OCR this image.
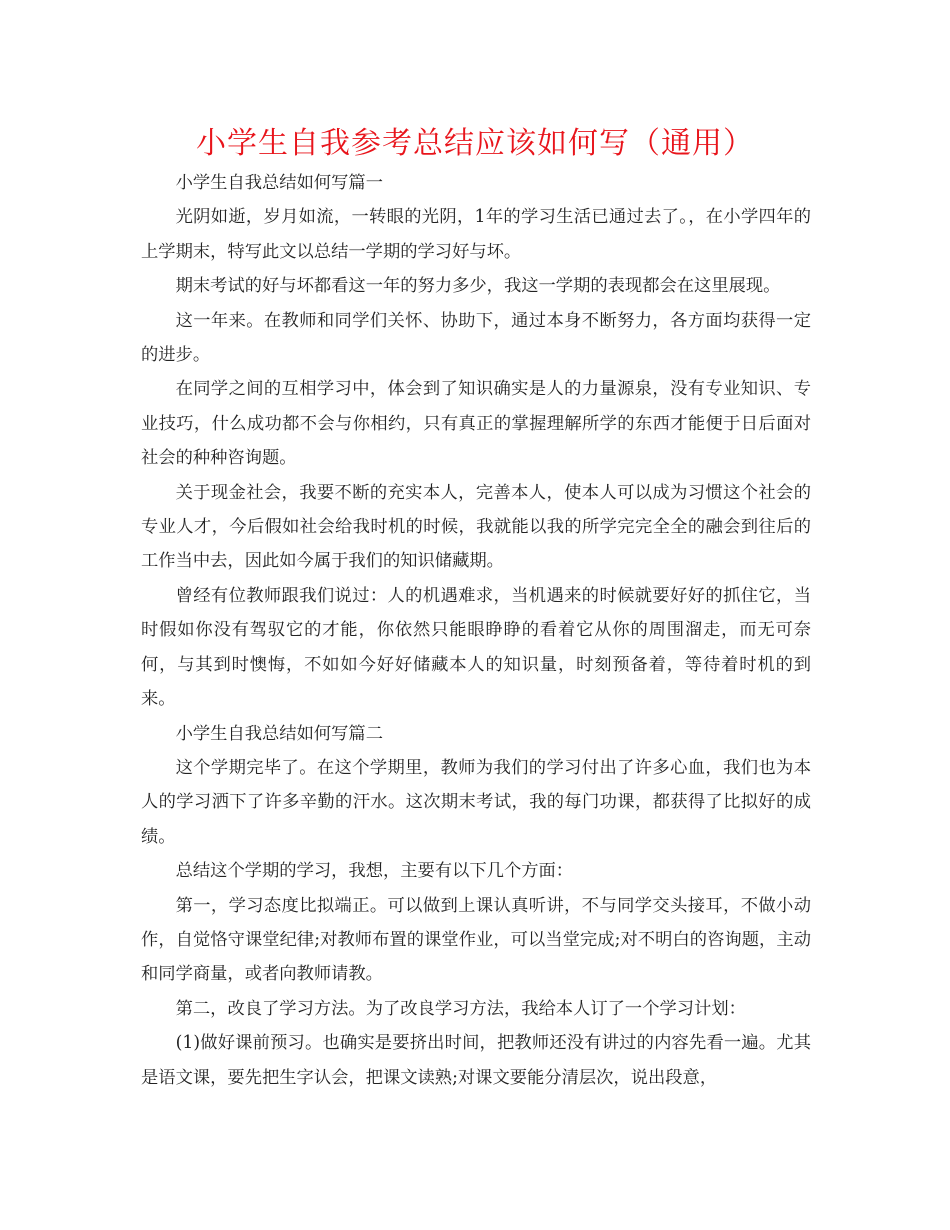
小学生自我参考总结应该如何写（通用）

小学生自我总结如何写篇一

光阴如逝，岁月如流，一转眼的光阴，1年的学习生活已通过去了。，在小学四年的上学期末，特写此文以总结一学期的学习好与坏。

期末考试的好与坏都看这一年的努力多少，我这一学期的表现都会在这里展现。

这一年来。在教师和同学们关怀、协助下，通过本身不断努力，各方面均获得一定的进步。

在同学之间的互相学习中，体会到了知识确实是人的力量源泉，没有专业知识、专业技巧，什么成功都不会与你相约，只有真正的掌握理解所学的东西才能便于日后面对社会的种种咨询题。

关于现金社会，我要不断的充实本人，完善本人，使本人可以成为习惯这个社会的专业人才，今后假如社会给我时机的时候，我就能以我的所学完完全全的融会到往后的工作当中去，因此如今属于我们的知识储藏期。

曾经有位教师跟我们说过：人的机遇难求，当机遇来的时候就要好好的抓住它，当时假如你没有驾驭它的才能，你依然只能眼睁睁的看着它从你的周围溜走，而无可奈何，与其到时懊悔，不如如今好好储藏本人的知识量，时刻预备着，等待着时机的到来。

小学生自我总结如何写篇二

这个学期完毕了。在这个学期里，教师为我们的学习付出了许多心血，我们也为本人的学习洒下了许多辛勤的汗水。这次期末考试，我的每门功课，都获得了比拟好的成绩。

总结这个学期的学习，我想，主要有以下几个方面：

第一，学习态度比拟端正。可以做到上课认真听讲，不与同学交头接耳，不做小动作，自觉恪守课堂纪律;对教师布置的课堂作业，可以当堂完成;对不明白的咨询题，主动和同学商量，或者向教师请教。

第二，改良了学习方法。为了改良学习方法，我给本人订了一个学习计划：

(1)做好课前预习。也确实是要挤出时间，把教师还没有讲过的内容先看一遍。尤其是语文课，要先把生字认会，把课文读熟;对课文要能分清层次，说出段意，
